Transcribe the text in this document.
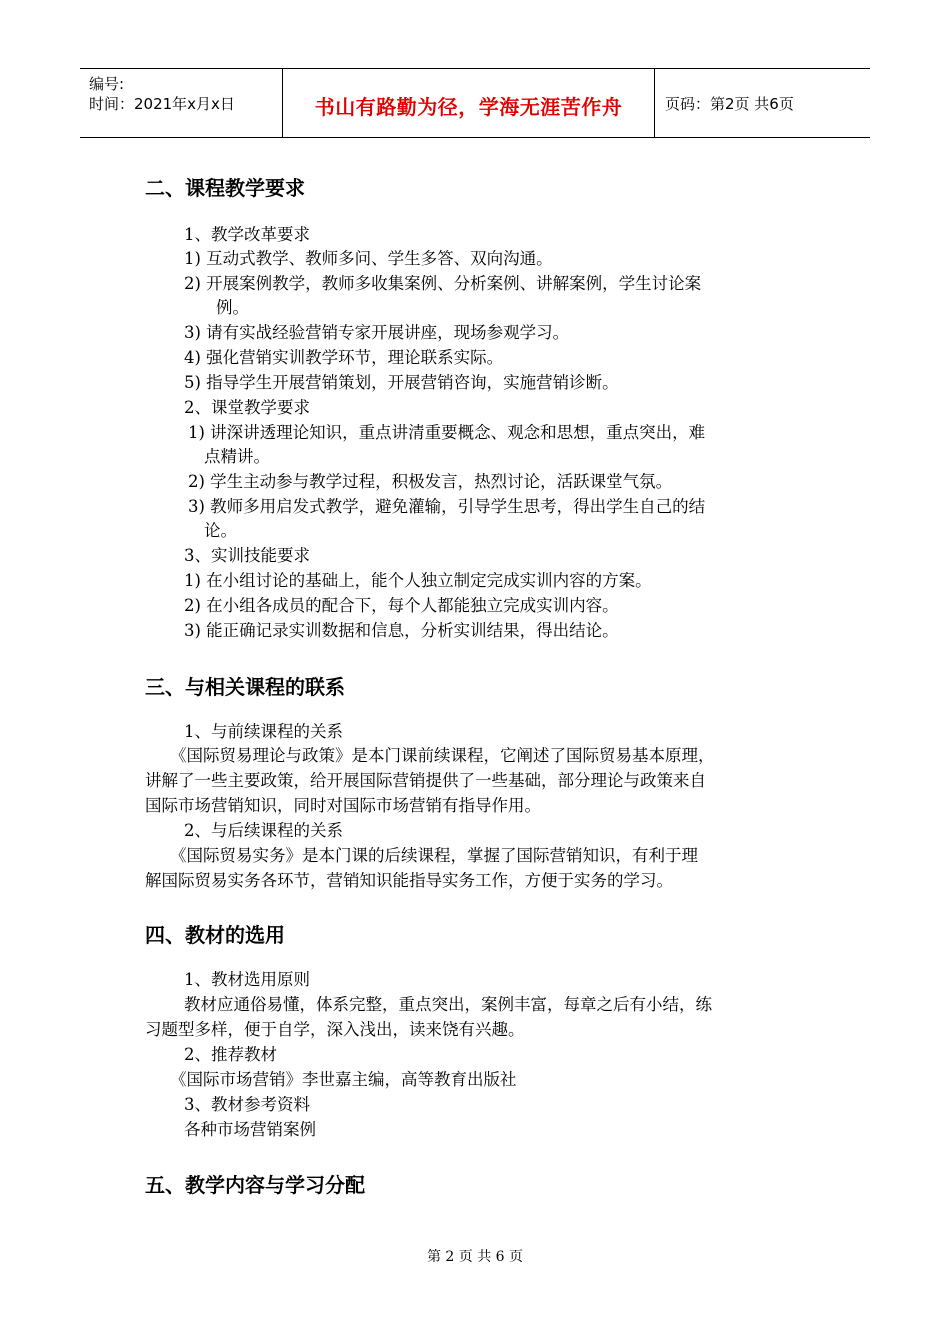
编号:
时间：2021年x月x日	书山有路勤为径，学海无涯苦作舟	页码：第2页 共6页
二、课程教学要求
1、教学改革要求
1) 互动式教学、教师多问、学生多答、双向沟通。
2) 开展案例教学，教师多收集案例、分析案例、讲解案例，学生讨论案
例。
3) 请有实战经验营销专家开展讲座，现场参观学习。
4) 强化营销实训教学环节，理论联系实际。
5) 指导学生开展营销策划，开展营销咨询，实施营销诊断。
2、课堂教学要求
1) 讲深讲透理论知识，重点讲清重要概念、观念和思想，重点突出，难
点精讲。
2) 学生主动参与教学过程，积极发言，热烈讨论，活跃课堂气氛。
3) 教师多用启发式教学，避免灌输，引导学生思考，得出学生自己的结
论。
3、实训技能要求
1) 在小组讨论的基础上，能个人独立制定完成实训内容的方案。
2) 在小组各成员的配合下，每个人都能独立完成实训内容。
3) 能正确记录实训数据和信息，分析实训结果，得出结论。
三、与相关课程的联系
1、与前续课程的关系
《国际贸易理论与政策》是本门课前续课程，它阐述了国际贸易基本原理，
讲解了一些主要政策，给开展国际营销提供了一些基础，部分理论与政策来自
国际市场营销知识，同时对国际市场营销有指导作用。
2、与后续课程的关系
《国际贸易实务》是本门课的后续课程，掌握了国际营销知识，有利于理
解国际贸易实务各环节，营销知识能指导实务工作，方便于实务的学习。
四、教材的选用
1、教材选用原则
教材应通俗易懂，体系完整，重点突出，案例丰富，每章之后有小结，练
习题型多样，便于自学，深入浅出，读来饶有兴趣。
2、推荐教材
《国际市场营销》李世嘉主编，高等教育出版社
3、教材参考资料
各种市场营销案例
五、教学内容与学习分配
第 2 页 共 6 页
